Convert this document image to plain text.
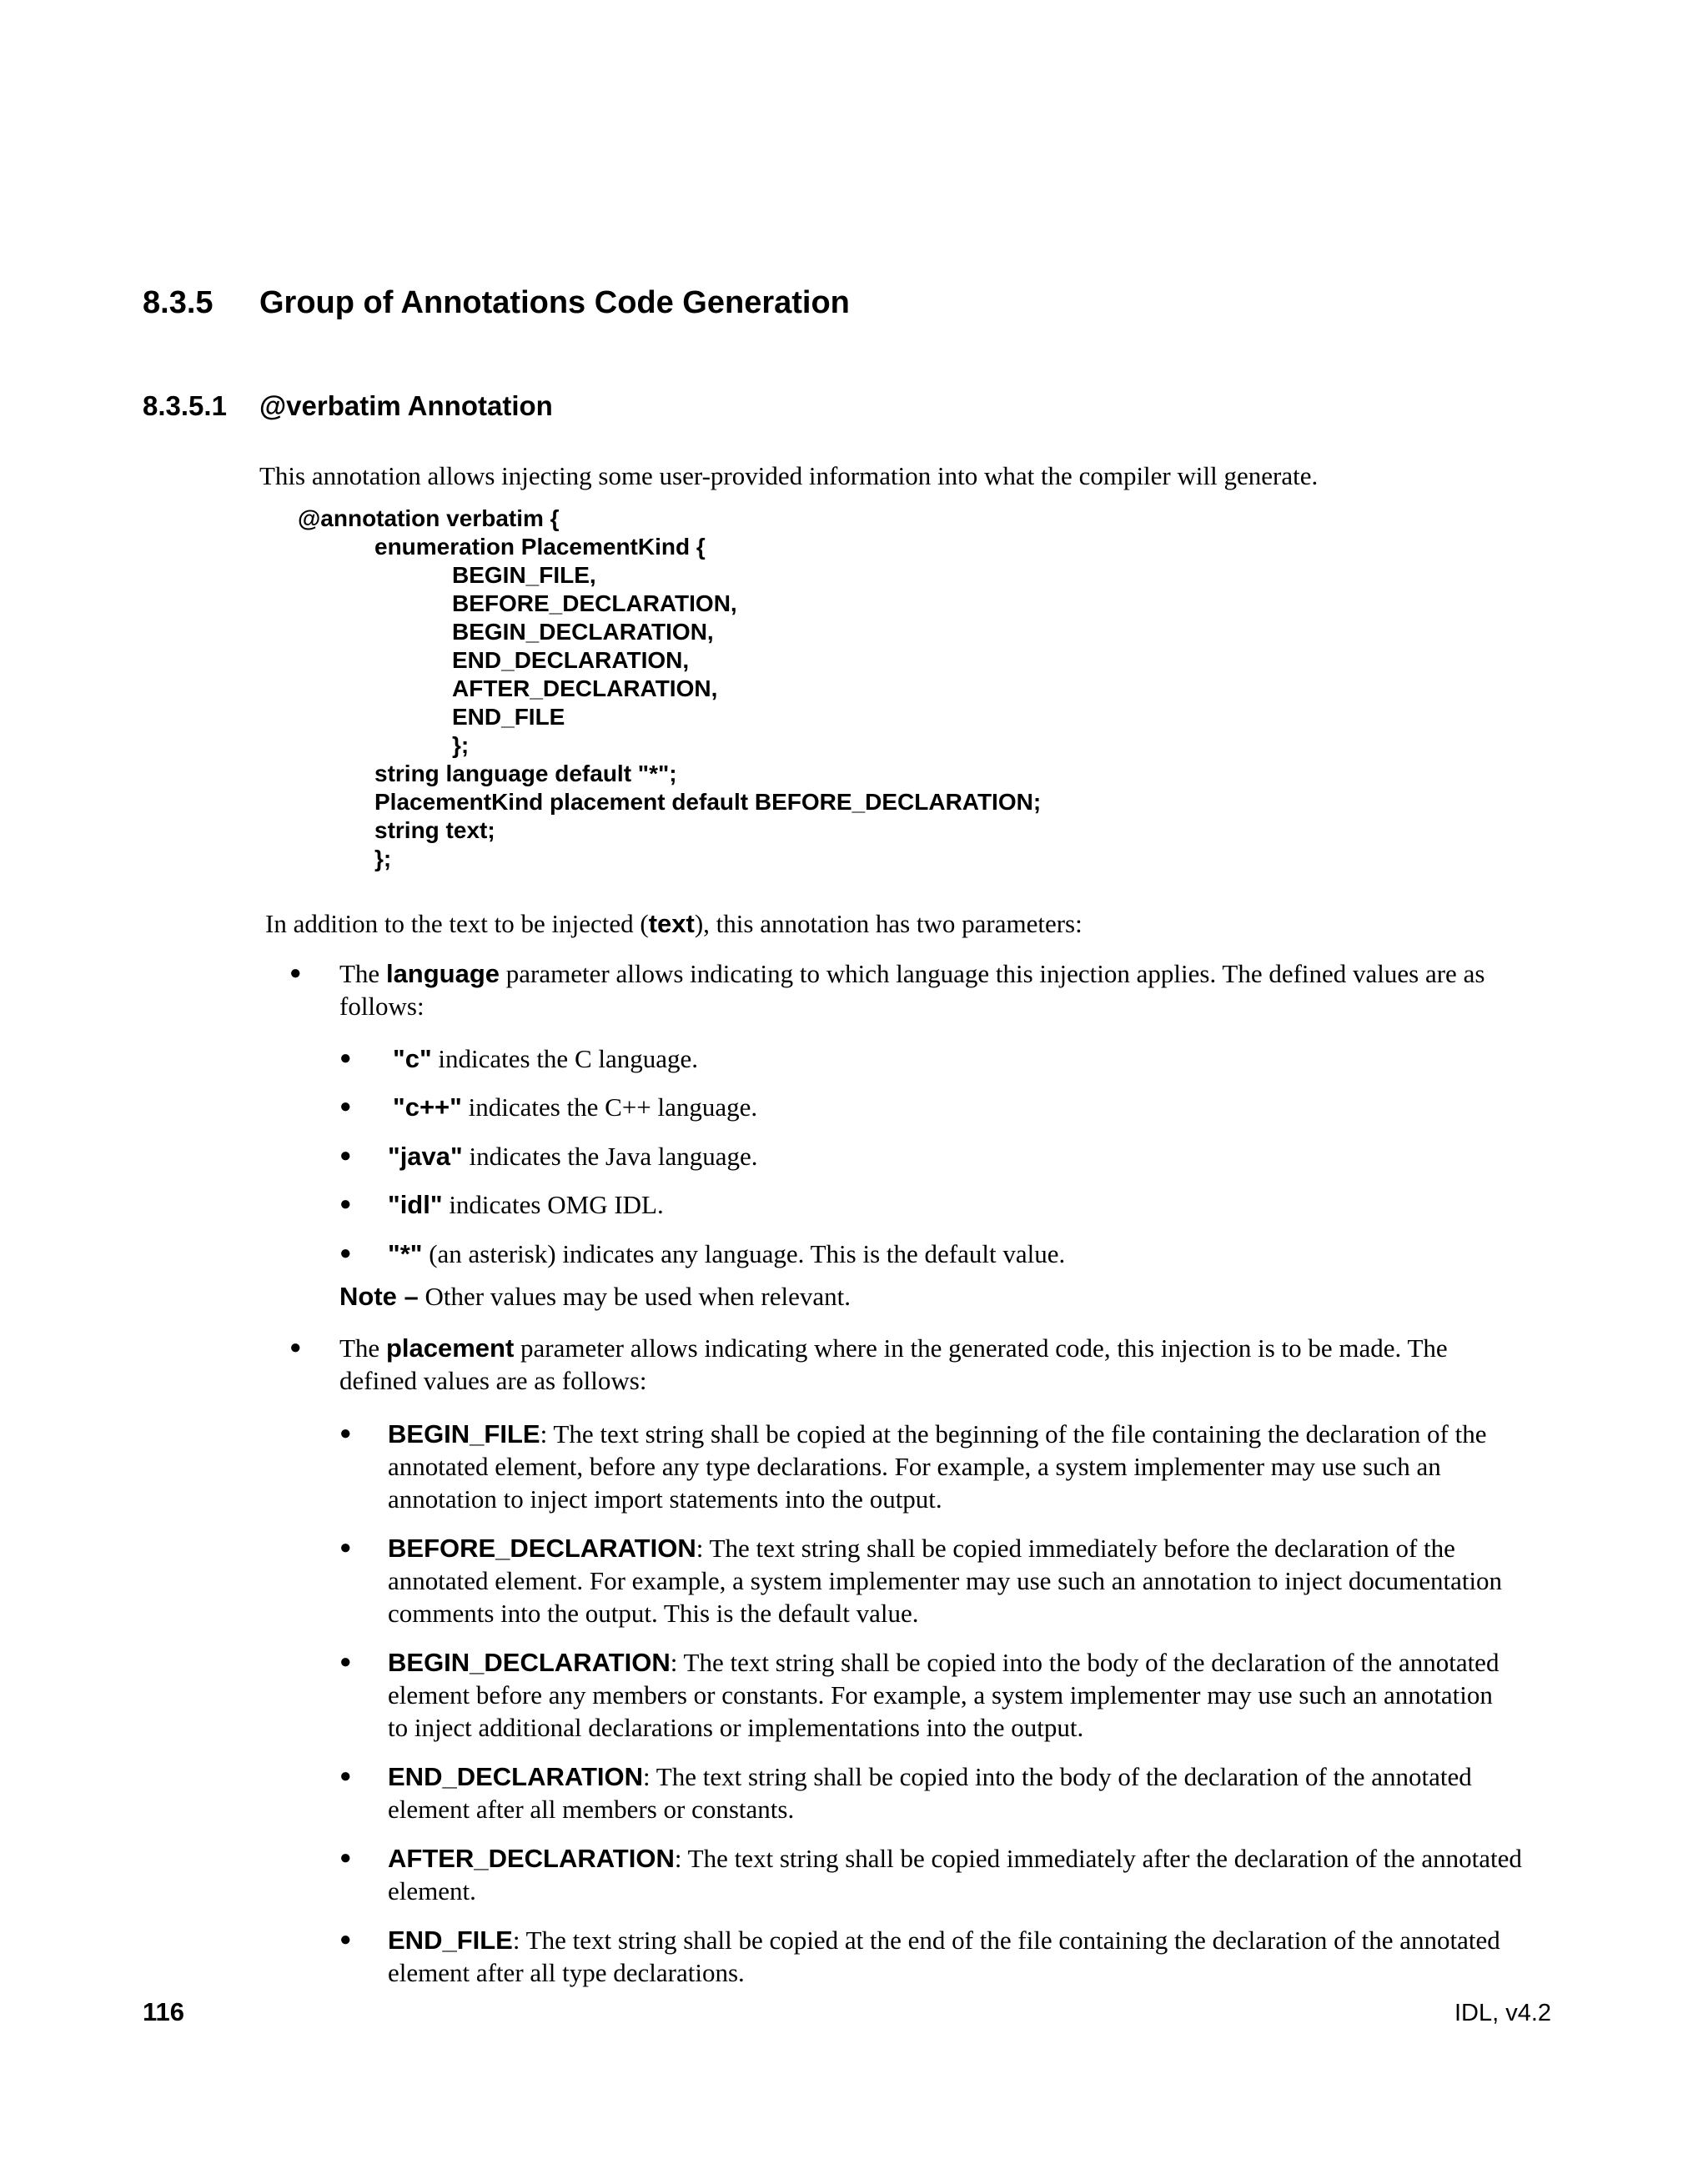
8.3.5 Group of Annotations Code Generation
8.3.5.1 @verbatim Annotation
This annotation allows injecting some user-provided information into what the compiler will generate.
@annotation verbatim {
enumeration PlacementKind {
BEGIN_FILE,
BEFORE_DECLARATION,
BEGIN_DECLARATION,
END_DECLARATION,
AFTER_DECLARATION,
END_FILE
};
string language default "*";
PlacementKind placement default BEFORE_DECLARATION;
string text;
};
In addition to the text to be injected (text), this annotation has two parameters:
● The language parameter allows indicating to which language this injection applies. The defined values are as
follows:
● "c" indicates the C language.
● "c++" indicates the C++ language.
● "java" indicates the Java language.
● "idl" indicates OMG IDL.
● "*" (an asterisk) indicates any language. This is the default value.
Note – Other values may be used when relevant.
● The placement parameter allows indicating where in the generated code, this injection is to be made. The
defined values are as follows:
● BEGIN_FILE: The text string shall be copied at the beginning of the file containing the declaration of the
annotated element, before any type declarations. For example, a system implementer may use such an
annotation to inject import statements into the output.
● BEFORE_DECLARATION: The text string shall be copied immediately before the declaration of the
annotated element. For example, a system implementer may use such an annotation to inject documentation
comments into the output. This is the default value.
● BEGIN_DECLARATION: The text string shall be copied into the body of the declaration of the annotated
element before any members or constants. For example, a system implementer may use such an annotation
to inject additional declarations or implementations into the output.
● END_DECLARATION: The text string shall be copied into the body of the declaration of the annotated
element after all members or constants.
● AFTER_DECLARATION: The text string shall be copied immediately after the declaration of the annotated
element.
● END_FILE: The text string shall be copied at the end of the file containing the declaration of the annotated
element after all type declarations.
116	IDL, v4.2
